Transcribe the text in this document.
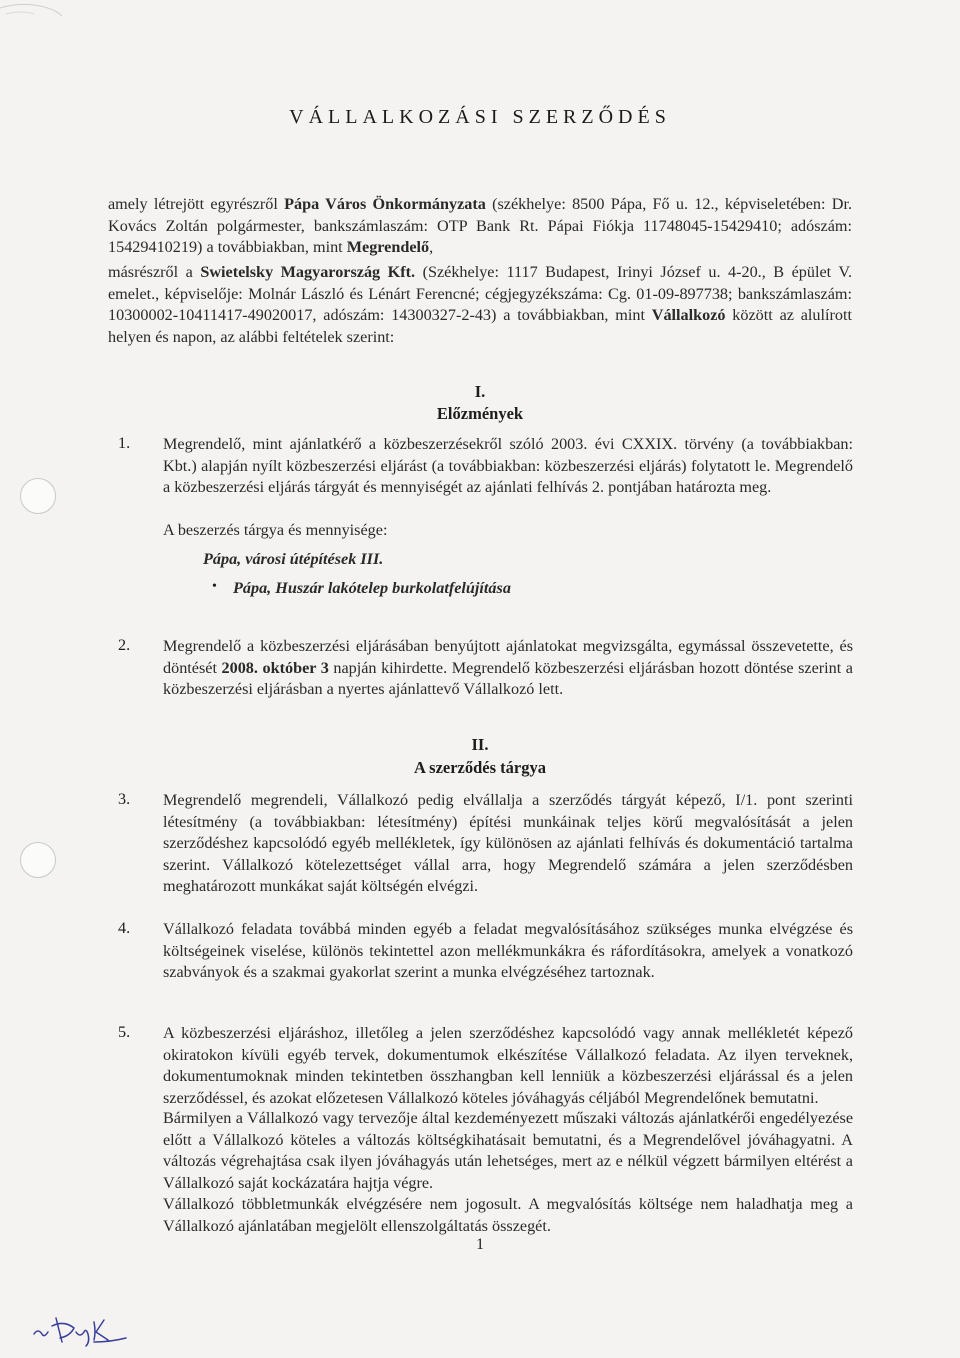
VÁLLALKOZÁSI SZERZŐDÉS
amely létrejött egyrészről Pápa Város Önkormányzata (székhelye: 8500 Pápa, Fő u. 12., képviseletében: Dr. Kovács Zoltán polgármester, bankszámlaszám: OTP Bank Rt. Pápai Fiókja 11748045-15429410; adószám: 15429410219) a továbbiakban, mint Megrendelő,
másrészről a Swietelsky Magyarország Kft. (Székhelye: 1117 Budapest, Irinyi József u. 4-20., B épület V. emelet., képviselője: Molnár László és Lénárt Ferencné; cégjegyzékszáma: Cg. 01-09-897738; bankszámlaszám: 10300002-10411417-49020017, adószám: 14300327-2-43) a továbbiakban, mint Vállalkozó között az alulírott helyen és napon, az alábbi feltételek szerint:
I.
Előzmények
1. Megrendelő, mint ajánlatkérő a közbeszerzésekről szóló 2003. évi CXXIX. törvény (a továbbiakban: Kbt.) alapján nyílt közbeszerzési eljárást (a továbbiakban: közbeszerzési eljárás) folytatott le. Megrendelő a közbeszerzési eljárás tárgyát és mennyiségét az ajánlati felhívás 2. pontjában határozta meg.
A beszerzés tárgya és mennyisége:
Pápa, városi útépítések III.
• Pápa, Huszár lakótelep burkolatfelújítása
2. Megrendelő a közbeszerzési eljárásában benyújtott ajánlatokat megvizsgálta, egymással összevetette, és döntését 2008. október 3 napján kihirdette. Megrendelő közbeszerzési eljárásban hozott döntése szerint a közbeszerzési eljárásban a nyertes ajánlattevő Vállalkozó lett.
II.
A szerződés tárgya
3. Megrendelő megrendeli, Vállalkozó pedig elvállalja a szerződés tárgyát képező, I/1. pont szerinti létesítmény (a továbbiakban: létesítmény) építési munkáinak teljes körű megvalósítását a jelen szerződéshez kapcsolódó egyéb mellékletek, így különösen az ajánlati felhívás és dokumentáció tartalma szerint. Vállalkozó kötelezettséget vállal arra, hogy Megrendelő számára a jelen szerződésben meghatározott munkákat saját költségén elvégzi.
4. Vállalkozó feladata továbbá minden egyéb a feladat megvalósításához szükséges munka elvégzése és költségeinek viselése, különös tekintettel azon mellékmunkákra és ráfordításokra, amelyek a vonatkozó szabványok és a szakmai gyakorlat szerint a munka elvégzéséhez tartoznak.
5. A közbeszerzési eljáráshoz, illetőleg a jelen szerződéshez kapcsolódó vagy annak mellékletét képező okiratokon kívüli egyéb tervek, dokumentumok elkészítése Vállalkozó feladata. Az ilyen terveknek, dokumentumoknak minden tekintetben összhangban kell lenniük a közbeszerzési eljárással és a jelen szerződéssel, és azokat előzetesen Vállalkozó köteles jóváhagyás céljából Megrendelőnek bemutatni.
Bármilyen a Vállalkozó vagy tervezője által kezdeményezett műszaki változás ajánlatkérői engedélyezése előtt a Vállalkozó köteles a változás költségkihatásait bemutatni, és a Megrendelővel jóváhagyatni. A változás végrehajtása csak ilyen jóváhagyás után lehetséges, mert az e nélkül végzett bármilyen eltérést a Vállalkozó saját kockázatára hajtja végre.
Vállalkozó többletmunkák elvégzésére nem jogosult. A megvalósítás költsége nem haladhatja meg a Vállalkozó ajánlatában megjelölt ellenszolgáltatás összegét.
1
